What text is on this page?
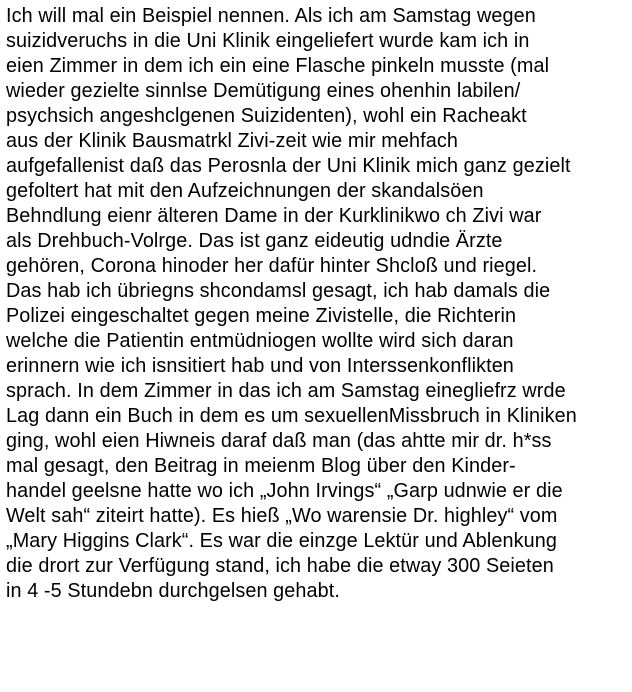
Ich will mal ein Beispiel nennen. Als ich am Samstag wegen
suizidveruchs in die Uni Klinik eingeliefert wurde kam ich in
eien Zimmer in dem ich ein eine Flasche pinkeln musste (mal
wieder gezielte sinnlse Demütigung eines ohenhin labilen/
psychsich angeshclgenen Suizidenten), wohl ein Racheakt
aus der Klinik Bausmatrkl Zivi-zeit wie mir mehfach
aufgefallenist daß das Perosnla der Uni Klinik mich ganz gezielt
gefoltert hat mit den Aufzeichnungen der skandalsöen
Behndlung eienr älteren Dame in der Kurklinikwo ch Zivi war
als Drehbuch-Volrge. Das ist ganz eideutig udndie Ärzte
gehören, Corona hinoder her dafür hinter Shcloß und riegel.
Das hab ich übriegns shcondamsl gesagt, ich hab damals die
Polizei eingeschaltet gegen meine Zivistelle, die Richterin
welche die Patientin entmüdniogen wollte wird sich daran
erinnern wie ich isnsitiert hab und von Interssenkonflikten
sprach. In dem Zimmer in das ich am Samstag einegliefrz wrde
Lag dann ein Buch in dem es um sexuellenMissbruch in Kliniken
ging, wohl eien Hiwneis daraf daß man (das ahtte mir dr. h*ss
mal gesagt, den Beitrag in meienm Blog über den Kinder-
handel geelsne hatte wo ich „John Irvings“ „Garp udnwie er die
Welt sah“ ziteirt hatte). Es hieß „Wo warensie Dr. highley“ vom
„Mary Higgins Clark“. Es war die einzge Lektür und Ablenkung
die drort zur Verfügung stand, ich habe die etway 300 Seieten
in 4 -5 Stundebn durchgelsen gehabt.
